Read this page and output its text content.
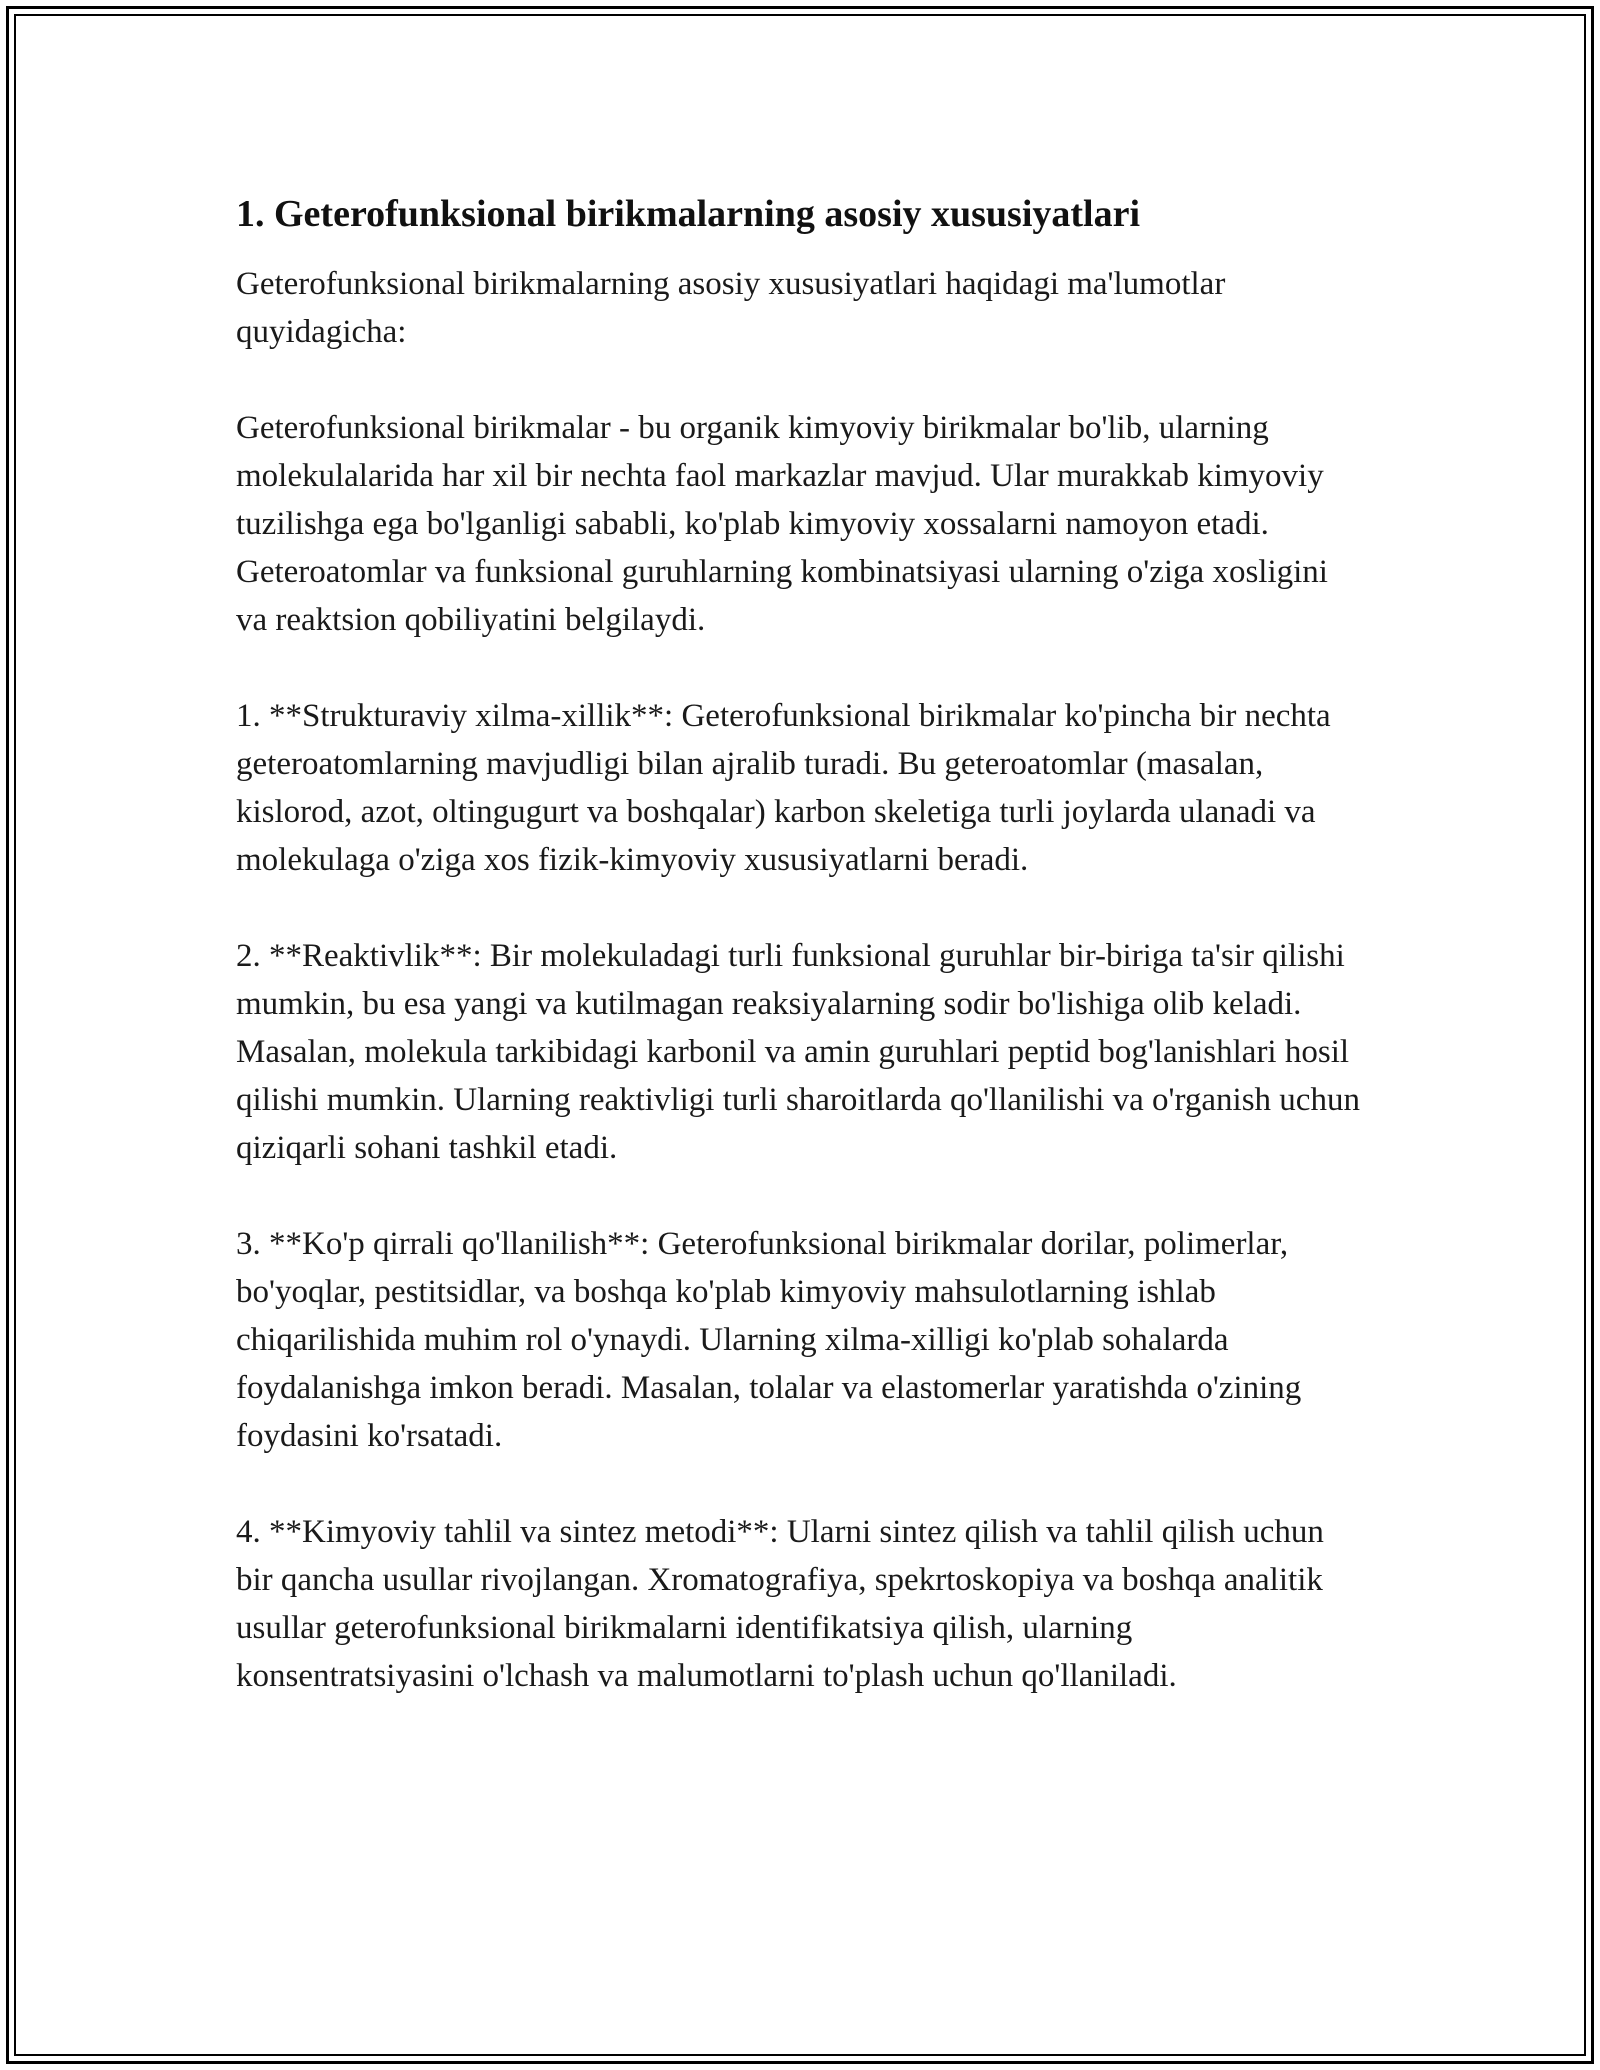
1. Geterofunksional birikmalarning asosiy xususiyatlari

Geterofunksional birikmalarning asosiy xususiyatlari haqidagi ma'lumotlar quyidagicha:

Geterofunksional birikmalar - bu organik kimyoviy birikmalar bo'lib, ularning molekulalarida har xil bir nechta faol markazlar mavjud. Ular murakkab kimyoviy tuzilishga ega bo'lganligi sababli, ko'plab kimyoviy xossalarni namoyon etadi. Geteroatomlar va funksional guruhlarning kombinatsiyasi ularning o'ziga xosligini va reaktsion qobiliyatini belgilaydi.

1. **Strukturaviy xilma-xillik**: Geterofunksional birikmalar ko'pincha bir nechta geteroatomlarning mavjudligi bilan ajralib turadi. Bu geteroatomlar (masalan, kislorod, azot, oltingugurt va boshqalar) karbon skeletiga turli joylarda ulanadi va molekulaga o'ziga xos fizik-kimyoviy xususiyatlarni beradi.

2. **Reaktivlik**: Bir molekuladagi turli funksional guruhlar bir-biriga ta'sir qilishi mumkin, bu esa yangi va kutilmagan reaksiyalarning sodir bo'lishiga olib keladi. Masalan, molekula tarkibidagi karbonil va amin guruhlari peptid bog'lanishlari hosil qilishi mumkin. Ularning reaktivligi turli sharoitlarda qo'llanilishi va o'rganish uchun qiziqarli sohani tashkil etadi.

3. **Ko'p qirrali qo'llanilish**: Geterofunksional birikmalar dorilar, polimerlar, bo'yoqlar, pestitsidlar, va boshqa ko'plab kimyoviy mahsulotlarning ishlab chiqarilishida muhim rol o'ynaydi. Ularning xilma-xilligi ko'plab sohalarda foydalanishga imkon beradi. Masalan, tolalar va elastomerlar yaratishda o'zining foydasini ko'rsatadi.

4. **Kimyoviy tahlil va sintez metodi**: Ularni sintez qilish va tahlil qilish uchun bir qancha usullar rivojlangan. Xromatografiya, spekrtoskopiya va boshqa analitik usullar geterofunksional birikmalarni identifikatsiya qilish, ularning konsentratsiyasini o'lchash va malumotlarni to'plash uchun qo'llaniladi.
